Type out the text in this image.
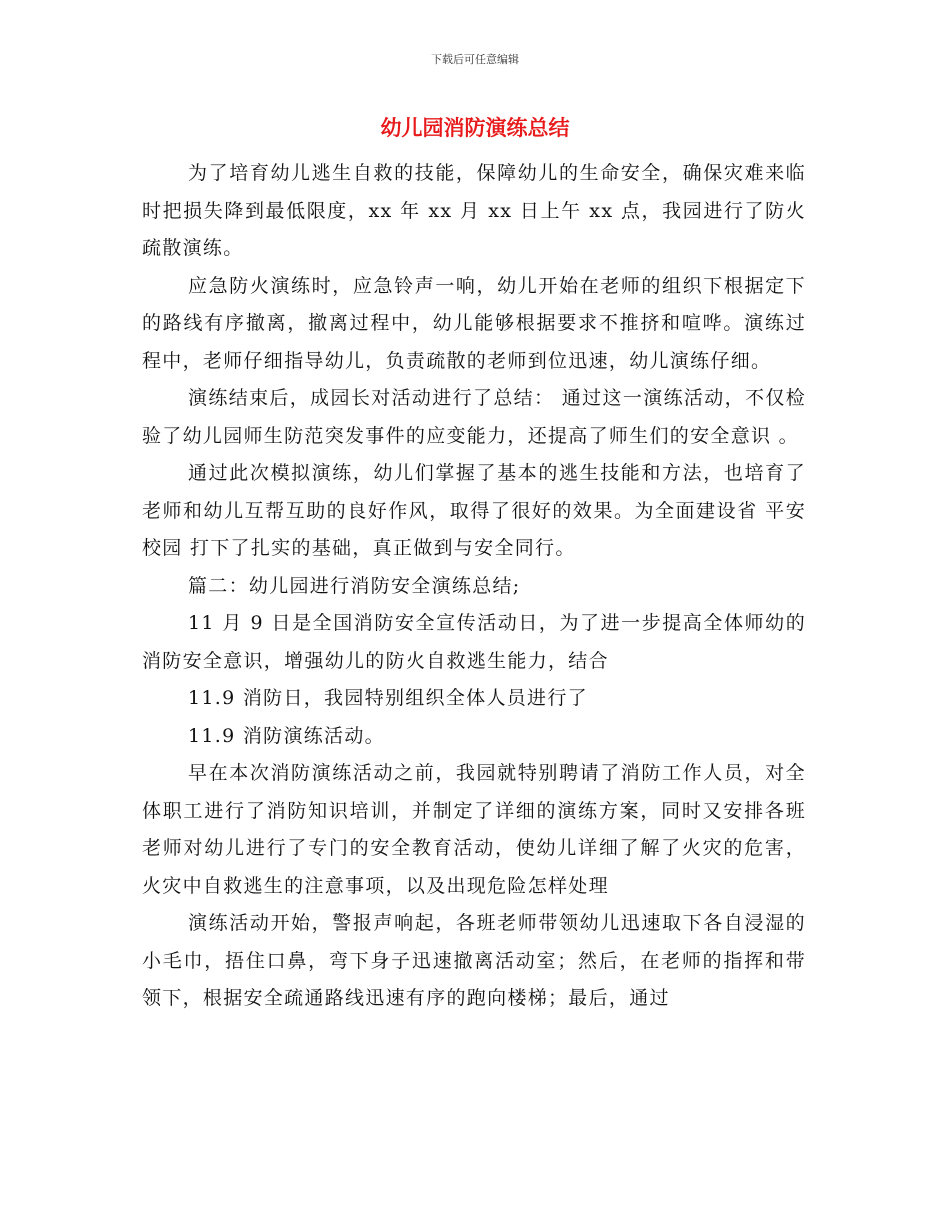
下载后可任意编辑
幼儿园消防演练总结

为了培育幼儿逃生自救的技能，保障幼儿的生命安全，确保灾难来临时把损失降到最低限度，xx 年 xx 月 xx 日上午 xx 点，我园进行了防火疏散演练。

应急防火演练时，应急铃声一响，幼儿开始在老师的组织下根据定下的路线有序撤离，撤离过程中，幼儿能够根据要求不推挤和喧哗。演练过程中，老师仔细指导幼儿，负责疏散的老师到位迅速，幼儿演练仔细。

演练结束后，成园长对活动进行了总结： 通过这一演练活动，不仅检验了幼儿园师生防范突发事件的应变能力，还提高了师生们的安全意识 。

通过此次模拟演练，幼儿们掌握了基本的逃生技能和方法，也培育了老师和幼儿互帮互助的良好作风，取得了很好的效果。为全面建设省 平安校园 打下了扎实的基础，真正做到与安全同行。

篇二：幼儿园进行消防安全演练总结;

11 月 9 日是全国消防安全宣传活动日，为了进一步提高全体师幼的消防安全意识，增强幼儿的防火自救逃生能力，结合

11.9 消防日，我园特别组织全体人员进行了

11.9 消防演练活动。

早在本次消防演练活动之前，我园就特别聘请了消防工作人员，对全体职工进行了消防知识培训，并制定了详细的演练方案，同时又安排各班老师对幼儿进行了专门的安全教育活动，使幼儿详细了解了火灾的危害，火灾中自救逃生的注意事项，以及出现危险怎样处理

演练活动开始，警报声响起，各班老师带领幼儿迅速取下各自浸湿的小毛巾，捂住口鼻，弯下身子迅速撤离活动室；然后，在老师的指挥和带领下，根据安全疏通路线迅速有序的跑向楼梯；最后，通过
